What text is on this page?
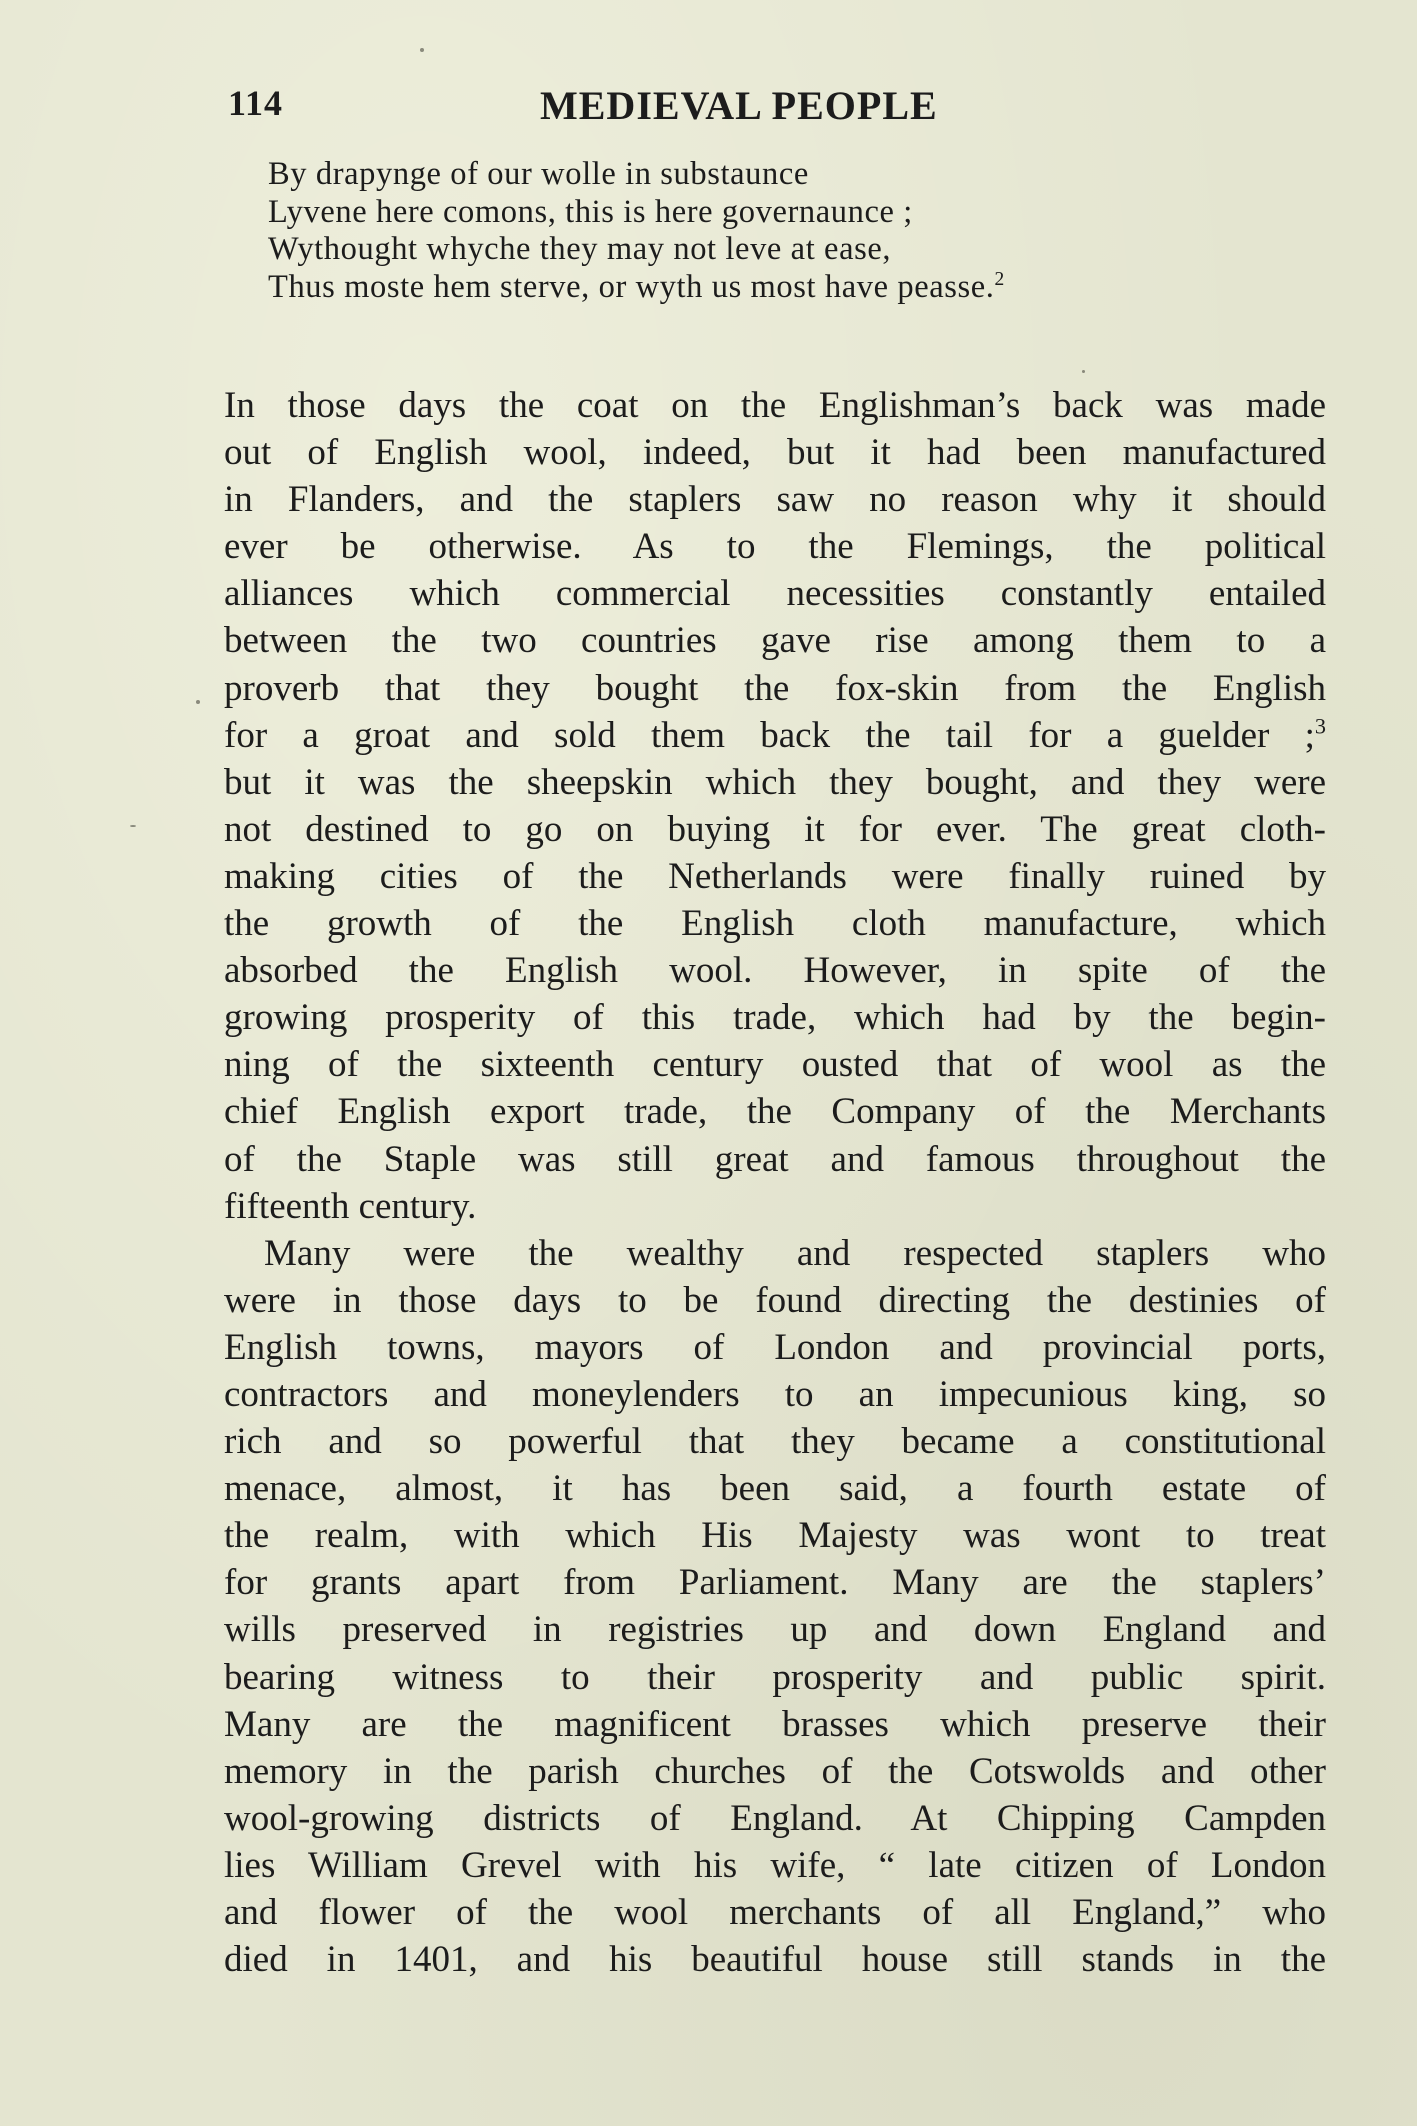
114	MEDIEVAL PEOPLE
By drapynge of our wolle in substaunce
Lyvene here comons, this is here governaunce ;
Wythought whyche they may not leve at ease,
Thus moste hem sterve, or wyth us most have peasse.$^2$
In those days the coat on the Englishman’s back was made
out of English wool, indeed, but it had been manufactured
in Flanders, and the staplers saw no reason why it should
ever be otherwise. As to the Flemings, the political
alliances which commercial necessities constantly entailed
between the two countries gave rise among them to a
proverb that they bought the fox-skin from the English
for a groat and sold them back the tail for a guelder ;$^3$
but it was the sheepskin which they bought, and they were
not destined to go on buying it for ever. The great cloth-
making cities of the Netherlands were finally ruined by
the growth of the English cloth manufacture, which
absorbed the English wool. However, in spite of the
growing prosperity of this trade, which had by the begin-
ning of the sixteenth century ousted that of wool as the
chief English export trade, the Company of the Merchants
of the Staple was still great and famous throughout the
fifteenth century.
Many were the wealthy and respected staplers who
were in those days to be found directing the destinies of
English towns, mayors of London and provincial ports,
contractors and moneylenders to an impecunious king, so
rich and so powerful that they became a constitutional
menace, almost, it has been said, a fourth estate of
the realm, with which His Majesty was wont to treat
for grants apart from Parliament. Many are the staplers’
wills preserved in registries up and down England and
bearing witness to their prosperity and public spirit.
Many are the magnificent brasses which preserve their
memory in the parish churches of the Cotswolds and other
wool-growing districts of England. At Chipping Campden
lies William Grevel with his wife, “ late citizen of London
and flower of the wool merchants of all England,” who
died in 1401, and his beautiful house still stands in the
